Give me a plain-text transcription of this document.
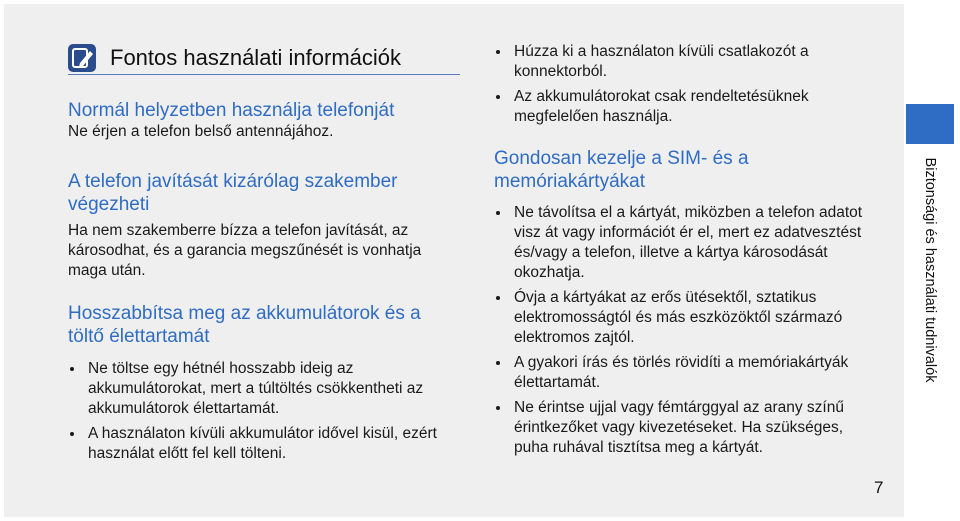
Fontos használati információk
Normál helyzetben használja telefonját

Ne érjen a telefon belső antennájához.

A telefon javítását kizárólag szakember végezheti

Ha nem szakemberre bízza a telefon javítását, az károsodhat, és a garancia megszűnését is vonhatja maga után.

Hosszabbítsa meg az akkumulátorok és a töltő élettartamát
Ne töltse egy hétnél hosszabb ideig az akkumulátorokat, mert a túltöltés csökkentheti az akkumulátorok élettartamát.
A használaton kívüli akkumulátor idővel kisül, ezért használat előtt fel kell tölteni.
Húzza ki a használaton kívüli csatlakozót a konnektorból.
Az akkumulátorokat csak rendeltetésüknek megfelelően használja.
Gondosan kezelje a SIM- és a memóriakártyákat
Ne távolítsa el a kártyát, miközben a telefon adatot visz át vagy információt ér el, mert ez adatvesztést és/vagy a telefon, illetve a kártya károsodását okozhatja.
Óvja a kártyákat az erős ütésektől, sztatikus elektromosságtól és más eszközöktől származó elektromos zajtól.
A gyakori írás és törlés rövidíti a memóriakártyák élettartamát.
Ne érintse ujjal vagy fémtárggyal az arany színű érintkezőket vagy kivezetéseket. Ha szükséges, puha ruhával tisztítsa meg a kártyát.
Biztonsági és használati tudnivalók
7
